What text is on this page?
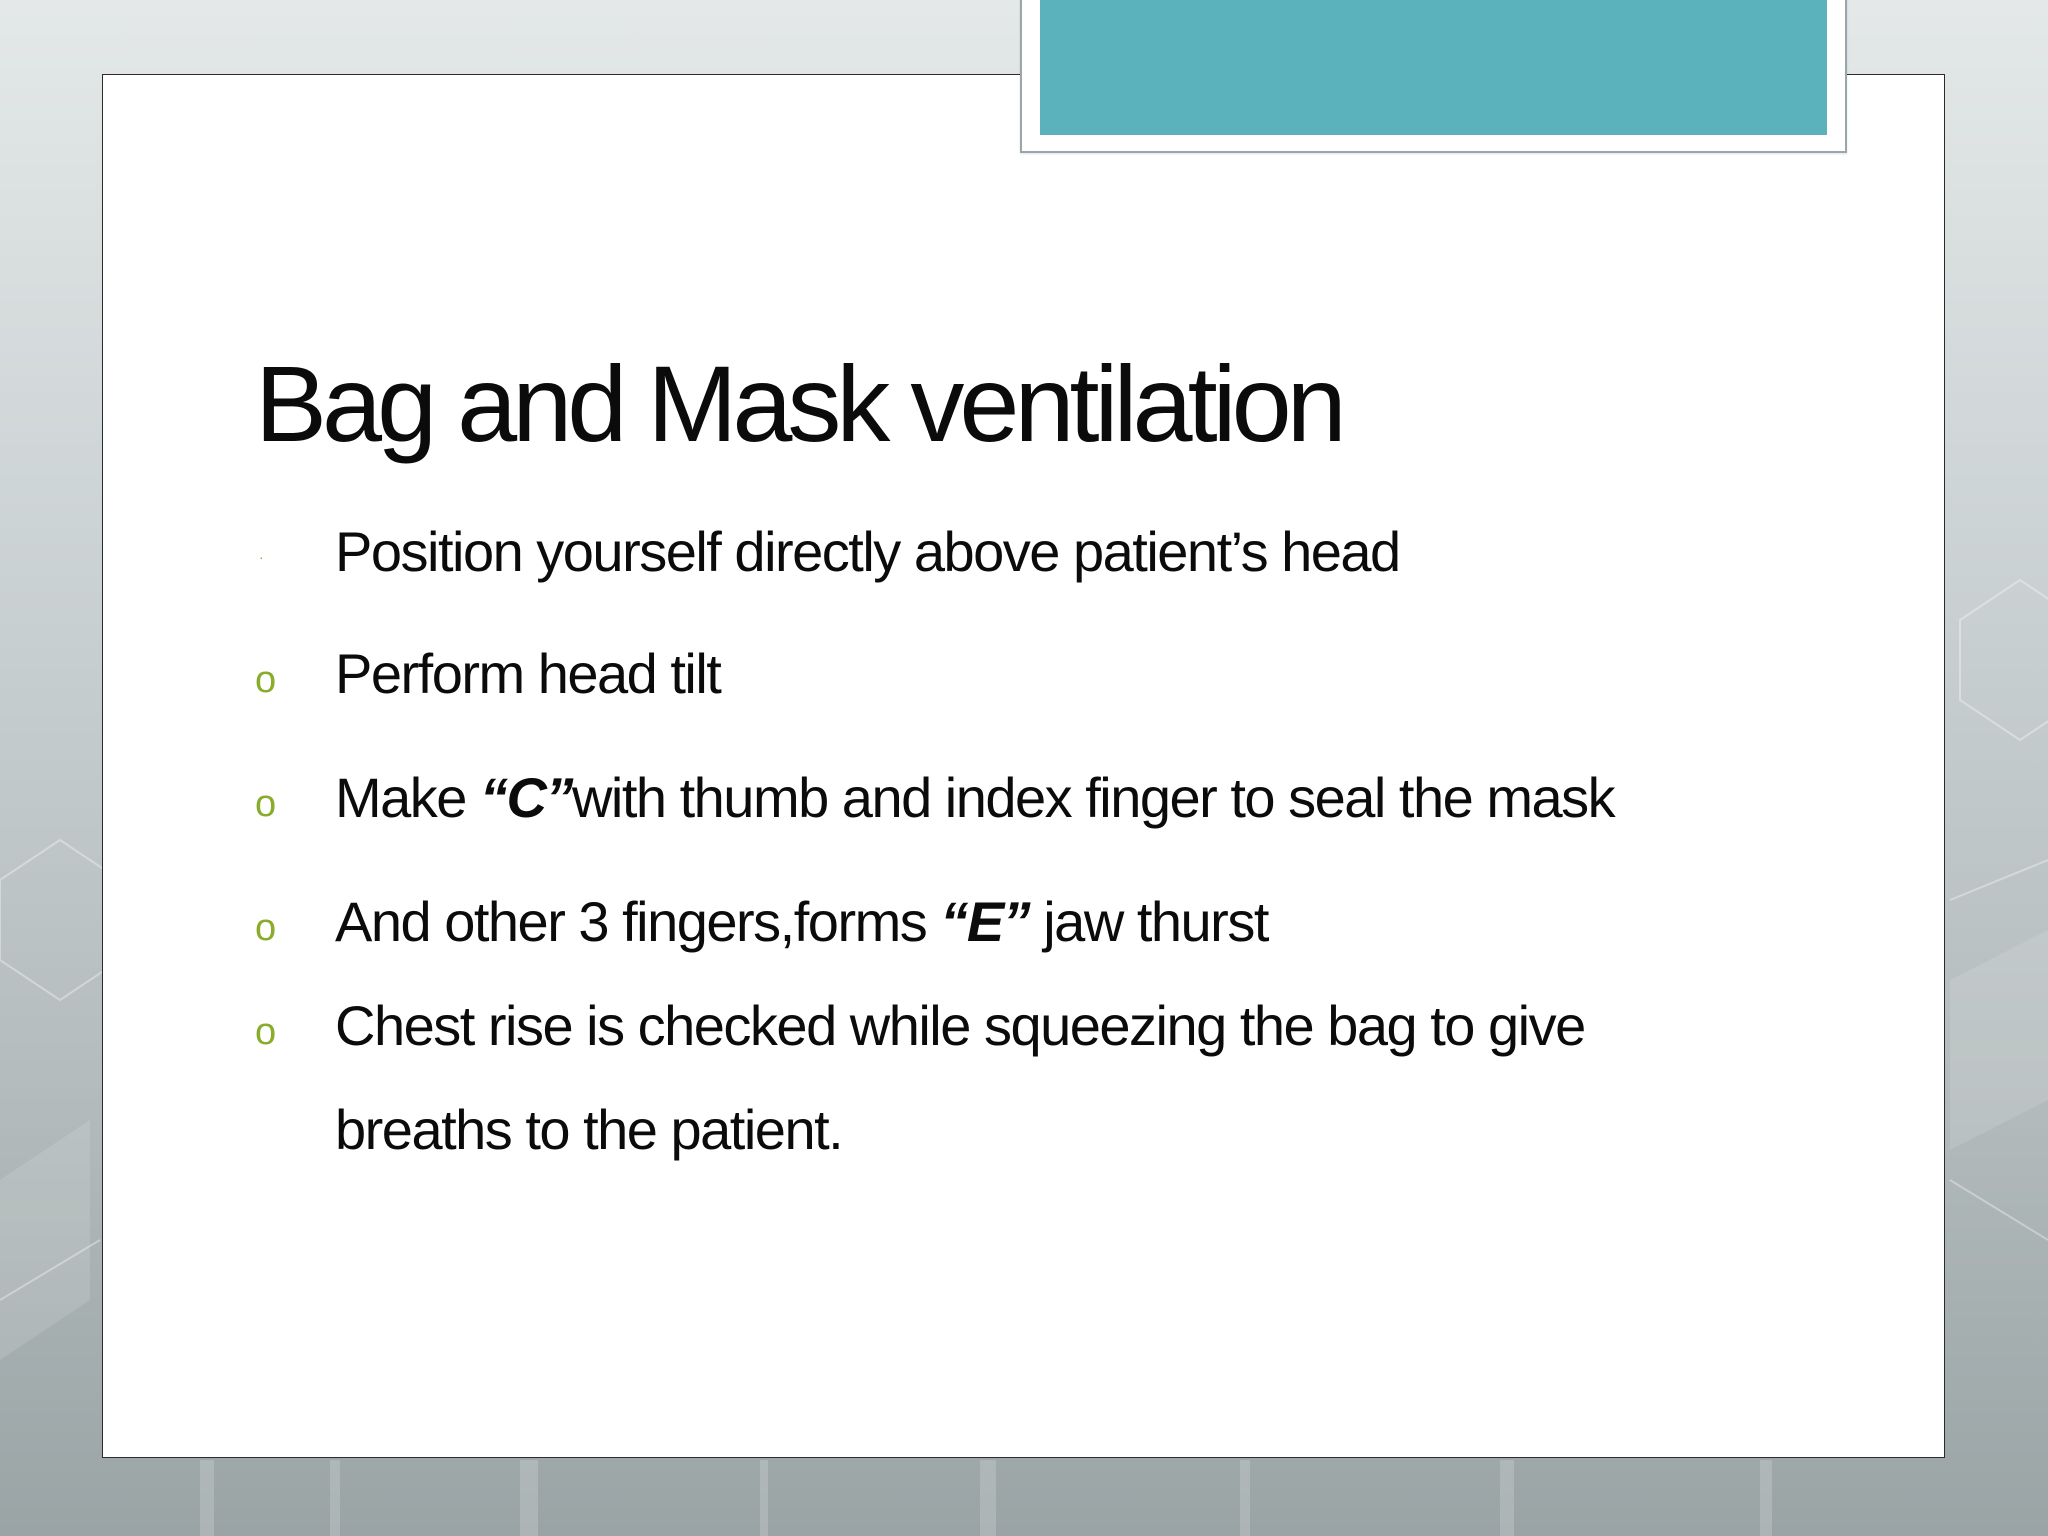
Bag and Mask ventilation
·	Position yourself directly above patient’s head
o	Perform head tilt
o	Make “C”with thumb and index finger to seal the mask
o	And other 3 fingers,forms “E” jaw thurst
o	Chest rise is checked while squeezing the bag to give breaths to the patient.
